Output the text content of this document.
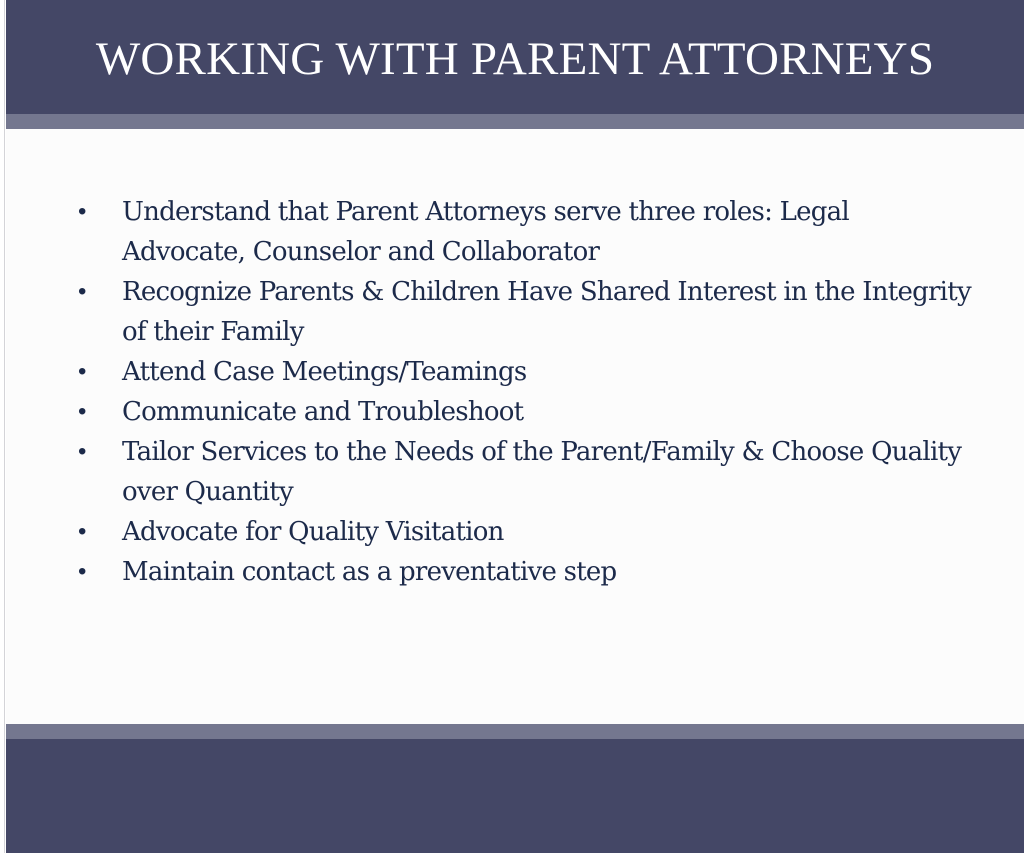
WORKING WITH PARENT ATTORNEYS
•	Understand that Parent Attorneys serve three roles: Legal Advocate, Counselor and Collaborator
•	Recognize Parents & Children Have Shared Interest in the Integrity of their Family
•	Attend Case Meetings/Teamings
•	Communicate and Troubleshoot
•	Tailor Services to the Needs of the Parent/Family & Choose Quality over Quantity
•	Advocate for Quality Visitation
•	Maintain contact as a preventative step
